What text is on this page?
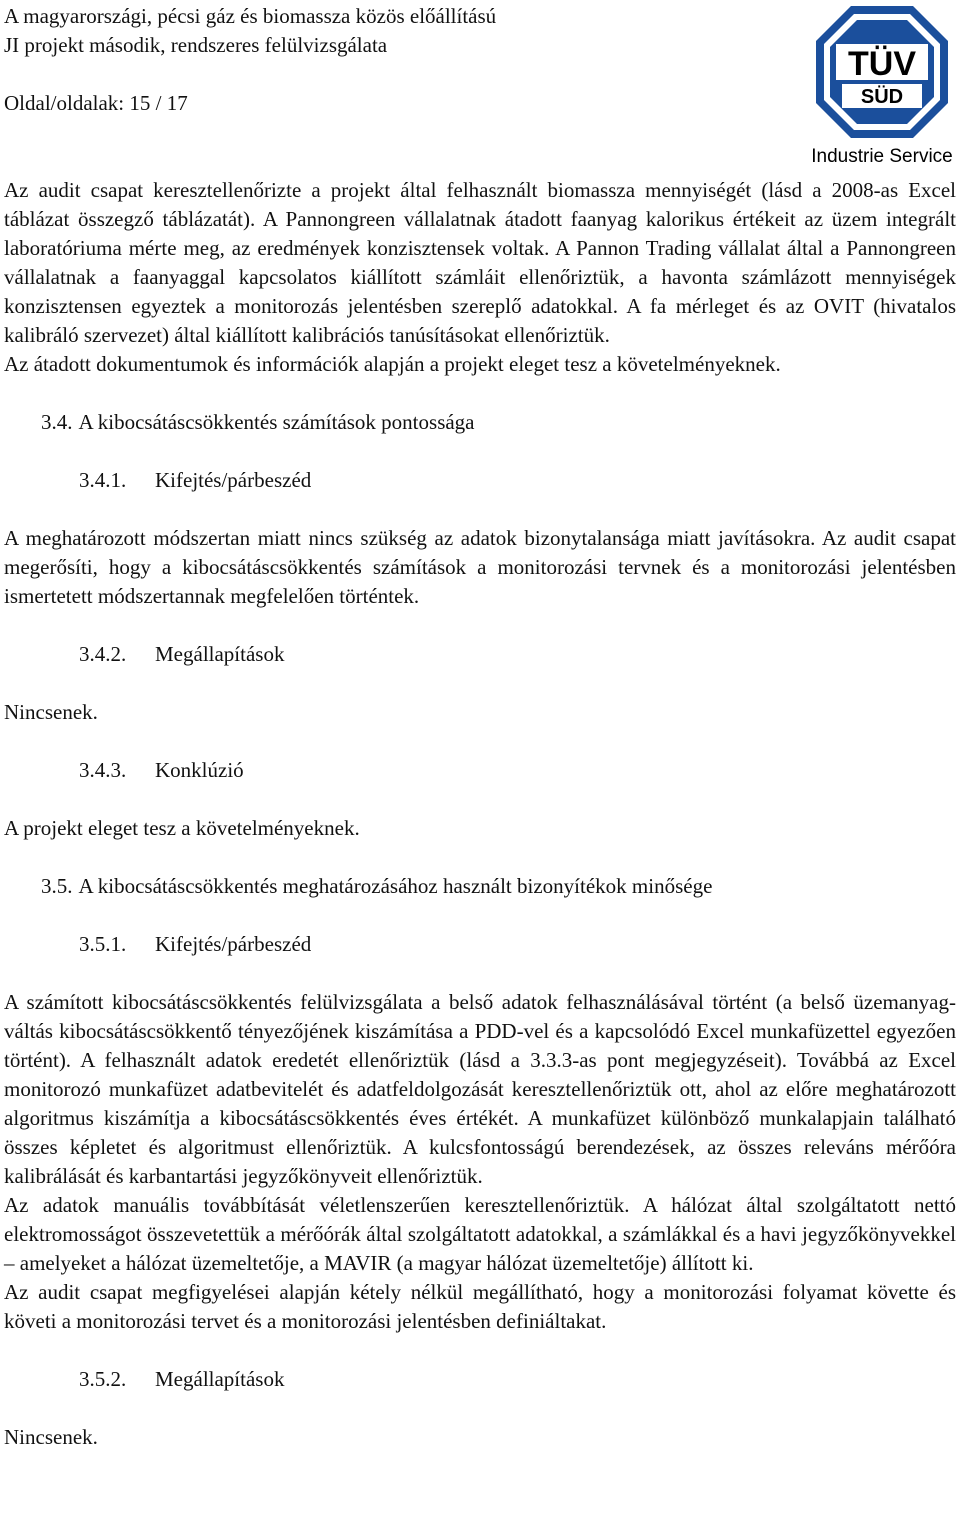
A magyarországi, pécsi gáz és biomassza közös előállítású
JI projekt második, rendszeres felülvizsgálata
Oldal/oldalak: 15 / 17
TÜV
SÜD
Industrie Service

Az audit csapat keresztellenőrizte a projekt által felhasznált biomassza mennyiségét (lásd a 2008-as Excel táblázat összegző táblázatát). A Pannongreen vállalatnak átadott faanyag kalorikus értékeit az üzem integrált laboratóriuma mérte meg, az eredmények konzisztensek voltak. A Pannon Trading vállalat által a Pannongreen vállalatnak a faanyaggal kapcsolatos kiállított számláit ellenőriztük, a havonta számlázott mennyiségek konzisztensen egyeztek a monitorozás jelentésben szereplő adatokkal. A fa mérleget és az OVIT (hivatalos kalibráló szervezet) által kiállított kalibrációs tanúsításokat ellenőriztük.

Az átadott dokumentumok és információk alapján a projekt eleget tesz a követelményeknek.

3.4. A kibocsátáscsökkentés számítások pontossága

3.4.1. Kifejtés/párbeszéd

A meghatározott módszertan miatt nincs szükség az adatok bizonytalansága miatt javításokra. Az audit csapat megerősíti, hogy a kibocsátáscsökkentés számítások a monitorozási tervnek és a monitorozási jelentésben ismertetett módszertannak megfelelően történtek.

3.4.2. Megállapítások

Nincsenek.

3.4.3. Konklúzió

A projekt eleget tesz a követelményeknek.

3.5. A kibocsátáscsökkentés meghatározásához használt bizonyítékok minősége

3.5.1. Kifejtés/párbeszéd

A számított kibocsátáscsökkentés felülvizsgálata a belső adatok felhasználásával történt (a belső üzemanyag-váltás kibocsátáscsökkentő tényezőjének kiszámítása a PDD-vel és a kapcsolódó Excel munkafüzettel egyezően történt). A felhasznált adatok eredetét ellenőriztük (lásd a 3.3.3-as pont megjegyzéseit). Továbbá az Excel monitorozó munkafüzet adatbevitelét és adatfeldolgozását keresztellenőriztük ott, ahol az előre meghatározott algoritmus kiszámítja a kibocsátáscsökkentés éves értékét. A munkafüzet különböző munkalapjain található összes képletet és algoritmust ellenőriztük. A kulcsfontosságú berendezések, az összes releváns mérőóra kalibrálását és karbantartási jegyzőkönyveit ellenőriztük.

Az adatok manuális továbbítását véletlenszerűen keresztellenőriztük. A hálózat által szolgáltatott nettó elektromosságot összevetettük a mérőórák által szolgáltatott adatokkal, a számlákkal és a havi jegyzőkönyvekkel – amelyeket a hálózat üzemeltetője, a MAVIR (a magyar hálózat üzemeltetője) állított ki.

Az audit csapat megfigyelései alapján kétely nélkül megállítható, hogy a monitorozási folyamat követte és követi a monitorozási tervet és a monitorozási jelentésben definiáltakat.

3.5.2. Megállapítások

Nincsenek.
